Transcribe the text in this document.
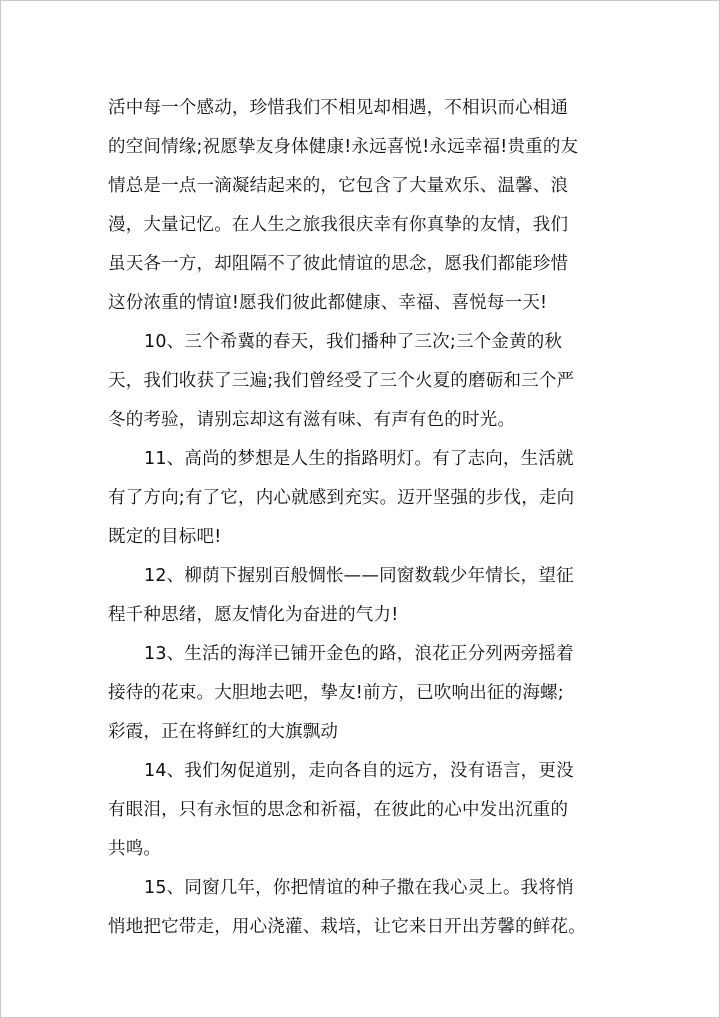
活中每一个感动，珍惜我们不相见却相遇，不相识而心相通
的空间情缘;祝愿挚友身体健康!永远喜悦!永远幸福!贵重的友
情总是一点一滴凝结起来的，它包含了大量欢乐、温馨、浪
漫，大量记忆。在人生之旅我很庆幸有你真挚的友情，我们
虽天各一方，却阻隔不了彼此情谊的思念，愿我们都能珍惜
这份浓重的情谊!愿我们彼此都健康、幸福、喜悦每一天!
10、三个希冀的春天，我们播种了三次;三个金黄的秋
天，我们收获了三遍;我们曾经受了三个火夏的磨砺和三个严
冬的考验，请别忘却这有滋有味、有声有色的时光。
11、高尚的梦想是人生的指路明灯。有了志向，生活就
有了方向;有了它，内心就感到充实。迈开坚强的步伐，走向
既定的目标吧!
12、柳荫下握别百般惆怅——同窗数载少年情长，望征
程千种思绪，愿友情化为奋进的气力!
13、生活的海洋已铺开金色的路，浪花正分列两旁摇着
接待的花束。大胆地去吧，挚友!前方，已吹响出征的海螺;
彩霞，正在将鲜红的大旗飘动
14、我们匆促道别，走向各自的远方，没有语言，更没
有眼泪，只有永恒的思念和祈福，在彼此的心中发出沉重的
共鸣。
15、同窗几年，你把情谊的种子撒在我心灵上。我将悄
悄地把它带走，用心浇灌、栽培，让它来日开出芳馨的鲜花。
